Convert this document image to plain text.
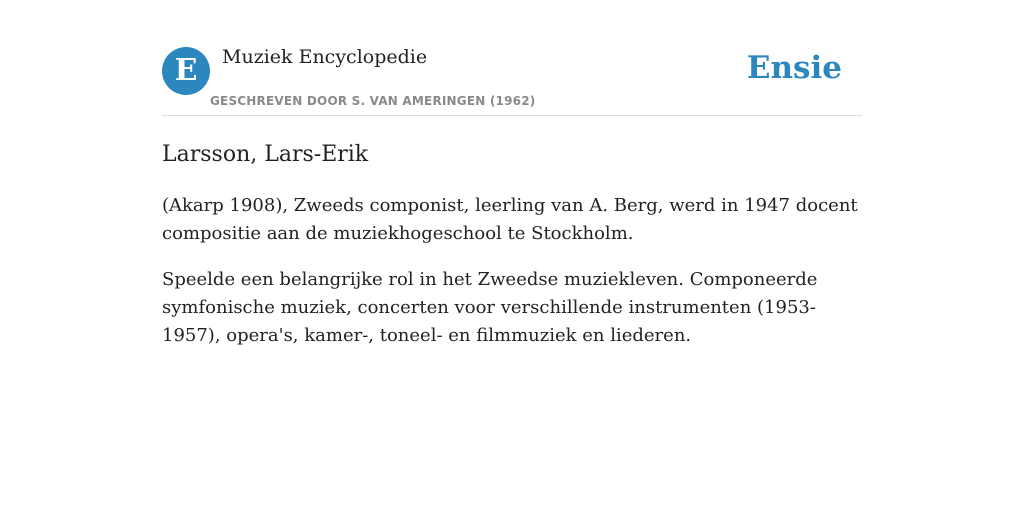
E	Muziek Encyclopedie
GESCHREVEN DOOR S. VAN AMERINGEN (1962)
Ensie
Larsson, Lars-Erik

(Akarp 1908), Zweeds componist, leerling van A. Berg, werd in 1947 docent compositie aan de muziekhogeschool te Stockholm.

Speelde een belangrijke rol in het Zweedse muziekleven. Componeerde symfonische muziek, concerten voor verschillende instrumenten (1953-1957), opera's, kamer-, toneel- en filmmuziek en liederen.
